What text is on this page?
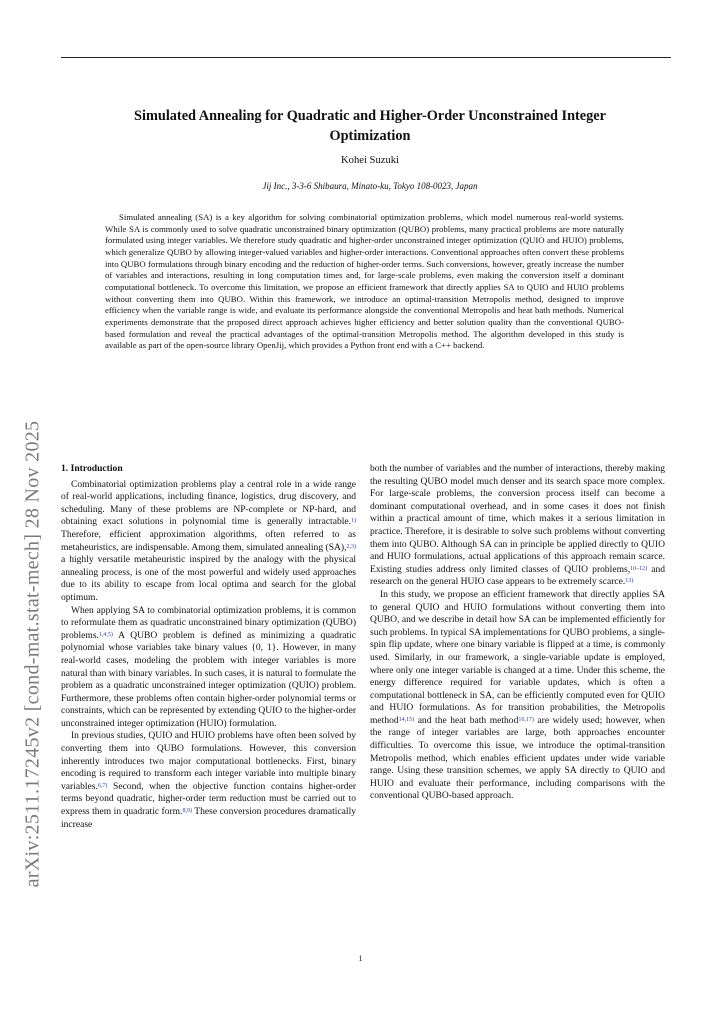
arXiv:2511.17245v2 [cond-mat.stat-mech] 28 Nov 2025
Simulated Annealing for Quadratic and Higher-Order Unconstrained Integer Optimization
Kohei Suzuki
Jij Inc., 3-3-6 Shibaura, Minato-ku, Tokyo 108-0023, Japan

Simulated annealing (SA) is a key algorithm for solving combinatorial optimization problems, which model numerous real-world systems. While SA is commonly used to solve quadratic unconstrained binary optimization (QUBO) problems, many practical problems are more naturally formulated using integer variables. We therefore study quadratic and higher-order unconstrained integer optimization (QUIO and HUIO) problems, which generalize QUBO by allowing integer-valued variables and higher-order interactions. Conventional approaches often convert these problems into QUBO formulations through binary encoding and the reduction of higher-order terms. Such conversions, however, greatly increase the number of variables and interactions, resulting in long computation times and, for large-scale problems, even making the conversion itself a dominant computational bottleneck. To overcome this limitation, we propose an efficient framework that directly applies SA to QUIO and HUIO problems without converting them into QUBO. Within this framework, we introduce an optimal-transition Metropolis method, designed to improve efficiency when the variable range is wide, and evaluate its performance alongside the conventional Metropolis and heat bath methods. Numerical experiments demonstrate that the proposed direct approach achieves higher efficiency and better solution quality than the conventional QUBO-based formulation and reveal the practical advantages of the optimal-transition Metropolis method. The algorithm developed in this study is available as part of the open-source library OpenJij, which provides a Python front end with a C++ backend.

1. Introduction

Combinatorial optimization problems play a central role in a wide range of real-world applications, including finance, logistics, drug discovery, and scheduling. Many of these problems are NP-complete or NP-hard, and obtaining exact solutions in polynomial time is generally intractable.$^{1)}$ Therefore, efficient approximation algorithms, often referred to as metaheuristics, are indispensable. Among them, simulated annealing (SA),$^{2,3)}$ a highly versatile metaheuristic inspired by the analogy with the physical annealing process, is one of the most powerful and widely used approaches due to its ability to escape from local optima and search for the global optimum.

When applying SA to combinatorial optimization problems, it is common to reformulate them as quadratic unconstrained binary optimization (QUBO) problems.$^{1,4,5)}$ A QUBO problem is defined as minimizing a quadratic polynomial whose variables take binary values {0, 1}. However, in many real-world cases, modeling the problem with integer variables is more natural than with binary variables. In such cases, it is natural to formulate the problem as a quadratic unconstrained integer optimization (QUIO) problem. Furthermore, these problems often contain higher-order polynomial terms or constraints, which can be represented by extending QUIO to the higher-order unconstrained integer optimization (HUIO) formulation.

In previous studies, QUIO and HUIO problems have often been solved by converting them into QUBO formulations. However, this conversion inherently introduces two major computational bottlenecks. First, binary encoding is required to transform each integer variable into multiple binary variables.$^{6,7)}$ Second, when the objective function contains higher-order terms beyond quadratic, higher-order term reduction must be carried out to express them in quadratic form.$^{8,9)}$ These conversion procedures dramatically increase

both the number of variables and the number of interactions, thereby making the resulting QUBO model much denser and its search space more complex. For large-scale problems, the conversion process itself can become a dominant computational overhead, and in some cases it does not finish within a practical amount of time, which makes it a serious limitation in practice. Therefore, it is desirable to solve such problems without converting them into QUBO. Although SA can in principle be applied directly to QUIO and HUIO formulations, actual applications of this approach remain scarce. Existing studies address only limited classes of QUIO problems,$^{10-12)}$ and research on the general HUIO case appears to be extremely scarce.$^{13)}$

In this study, we propose an efficient framework that directly applies SA to general QUIO and HUIO formulations without converting them into QUBO, and we describe in detail how SA can be implemented efficiently for such problems. In typical SA implementations for QUBO problems, a single-spin flip update, where one binary variable is flipped at a time, is commonly used. Similarly, in our framework, a single-variable update is employed, where only one integer variable is changed at a time. Under this scheme, the energy difference required for variable updates, which is often a computational bottleneck in SA, can be efficiently computed even for QUIO and HUIO formulations. As for transition probabilities, the Metropolis method$^{14,15)}$ and the heat bath method$^{16,17)}$ are widely used; however, when the range of integer variables are large, both approaches encounter difficulties. To overcome this issue, we introduce the optimal-transition Metropolis method, which enables efficient updates under wide variable range. Using these transition schemes, we apply SA directly to QUIO and HUIO and evaluate their performance, including comparisons with the conventional QUBO-based approach.

1
